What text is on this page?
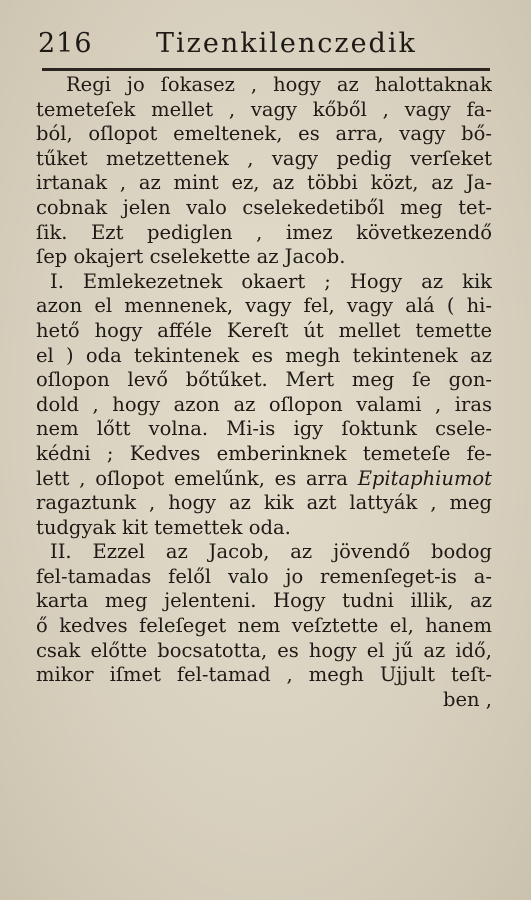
216 Tizenkilenczedik
Regi jo ſokasez , hogy az halottaknak
temeteſek mellet , vagy kőből , vagy fa-
ból, oſlopot emeltenek, es arra, vagy bő-
tűket metzettenek , vagy pedig verſeket
irtanak , az mint ez, az többi közt, az Ja-
cobnak jelen valo cselekedetiből meg tet-
ſik. Ezt pediglen , imez következendő
ſep okajert cselekette az Jacob.
I. Emlekezetnek okaert ; Hogy az kik
azon el mennenek, vagy fel, vagy alá ( hi-
hető hogy afféle Kereſt út mellet temette
el ) oda tekintenek es megh tekintenek az
oſlopon levő bőtűket. Mert meg ſe gon-
dold , hogy azon az oſlopon valami , iras
nem lőtt volna. Mi-is igy ſoktunk csele-
kédni ; Kedves emberinknek temeteſe fe-
lett , oſlopot emelűnk, es arra Epitaphiumot
ragaztunk , hogy az kik azt lattyák , meg
tudgyak kit temettek oda.
II. Ezzel az Jacob, az jövendő bodog
fel-tamadas felől valo jo remenſeget-is a-
karta meg jelenteni. Hogy tudni illik, az
ő kedves feleſeget nem veſztette el, hanem
csak előtte bocsatotta, es hogy el jű az idő,
mikor iſmet fel-tamad , megh Ujjult teſt-
ben ,
